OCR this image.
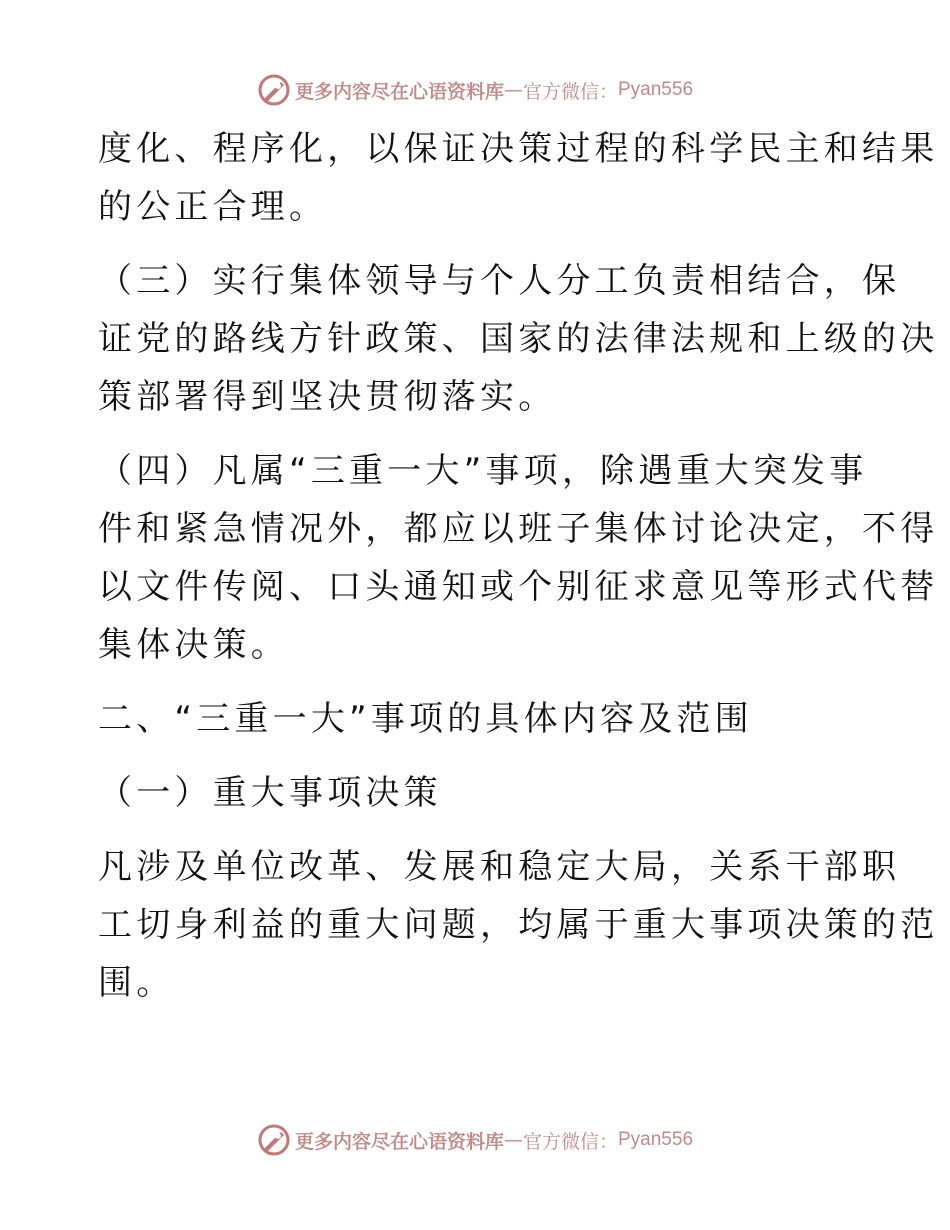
更多内容尽在心语资料库 — 官方微信： Pyan556
度化、程序化，以保证决策过程的科学民主和结果
的公正合理。
（三）实行集体领导与个人分工负责相结合，保
证党的路线方针政策、国家的法律法规和上级的决
策部署得到坚决贯彻落实。
（四）凡属“三重一大”事项，除遇重大突发事
件和紧急情况外，都应以班子集体讨论决定，不得
以文件传阅、口头通知或个别征求意见等形式代替
集体决策。
二、“三重一大”事项的具体内容及范围
（一）重大事项决策
凡涉及单位改革、发展和稳定大局，关系干部职
工切身利益的重大问题，均属于重大事项决策的范
围。
更多内容尽在心语资料库 — 官方微信： Pyan556
